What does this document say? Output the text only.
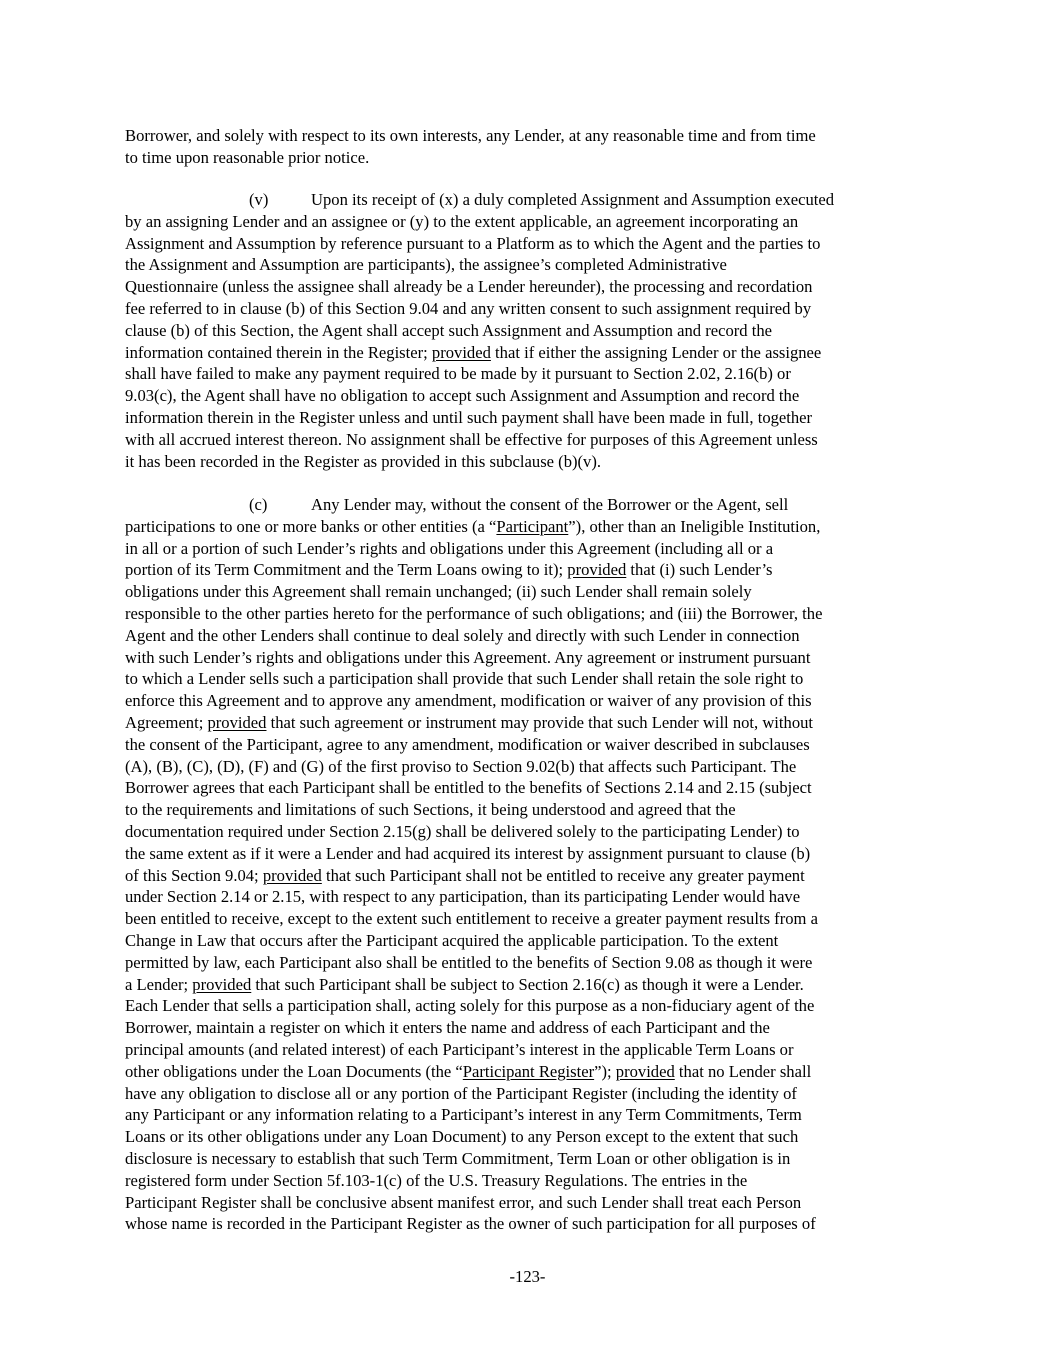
Borrower, and solely with respect to its own interests, any Lender, at any reasonable time and from time
to time upon reasonable prior notice.
(v)	Upon its receipt of (x) a duly completed Assignment and Assumption executed
by an assigning Lender and an assignee or (y) to the extent applicable, an agreement incorporating an
Assignment and Assumption by reference pursuant to a Platform as to which the Agent and the parties to
the Assignment and Assumption are participants), the assignee’s completed Administrative
Questionnaire (unless the assignee shall already be a Lender hereunder), the processing and recordation
fee referred to in clause (b) of this Section 9.04 and any written consent to such assignment required by
clause (b) of this Section, the Agent shall accept such Assignment and Assumption and record the
information contained therein in the Register; provided that if either the assigning Lender or the assignee
shall have failed to make any payment required to be made by it pursuant to Section 2.02, 2.16(b) or
9.03(c), the Agent shall have no obligation to accept such Assignment and Assumption and record the
information therein in the Register unless and until such payment shall have been made in full, together
with all accrued interest thereon. No assignment shall be effective for purposes of this Agreement unless
it has been recorded in the Register as provided in this subclause (b)(v).
(c)	Any Lender may, without the consent of the Borrower or the Agent, sell
participations to one or more banks or other entities (a “Participant”), other than an Ineligible Institution,
in all or a portion of such Lender’s rights and obligations under this Agreement (including all or a
portion of its Term Commitment and the Term Loans owing to it); provided that (i) such Lender’s
obligations under this Agreement shall remain unchanged; (ii) such Lender shall remain solely
responsible to the other parties hereto for the performance of such obligations; and (iii) the Borrower, the
Agent and the other Lenders shall continue to deal solely and directly with such Lender in connection
with such Lender’s rights and obligations under this Agreement. Any agreement or instrument pursuant
to which a Lender sells such a participation shall provide that such Lender shall retain the sole right to
enforce this Agreement and to approve any amendment, modification or waiver of any provision of this
Agreement; provided that such agreement or instrument may provide that such Lender will not, without
the consent of the Participant, agree to any amendment, modification or waiver described in subclauses
(A), (B), (C), (D), (F) and (G) of the first proviso to Section 9.02(b) that affects such Participant. The
Borrower agrees that each Participant shall be entitled to the benefits of Sections 2.14 and 2.15 (subject
to the requirements and limitations of such Sections, it being understood and agreed that the
documentation required under Section 2.15(g) shall be delivered solely to the participating Lender) to
the same extent as if it were a Lender and had acquired its interest by assignment pursuant to clause (b)
of this Section 9.04; provided that such Participant shall not be entitled to receive any greater payment
under Section 2.14 or 2.15, with respect to any participation, than its participating Lender would have
been entitled to receive, except to the extent such entitlement to receive a greater payment results from a
Change in Law that occurs after the Participant acquired the applicable participation. To the extent
permitted by law, each Participant also shall be entitled to the benefits of Section 9.08 as though it were
a Lender; provided that such Participant shall be subject to Section 2.16(c) as though it were a Lender.
Each Lender that sells a participation shall, acting solely for this purpose as a non-fiduciary agent of the
Borrower, maintain a register on which it enters the name and address of each Participant and the
principal amounts (and related interest) of each Participant’s interest in the applicable Term Loans or
other obligations under the Loan Documents (the “Participant Register”); provided that no Lender shall
have any obligation to disclose all or any portion of the Participant Register (including the identity of
any Participant or any information relating to a Participant’s interest in any Term Commitments, Term
Loans or its other obligations under any Loan Document) to any Person except to the extent that such
disclosure is necessary to establish that such Term Commitment, Term Loan or other obligation is in
registered form under Section 5f.103-1(c) of the U.S. Treasury Regulations. The entries in the
Participant Register shall be conclusive absent manifest error, and such Lender shall treat each Person
whose name is recorded in the Participant Register as the owner of such participation for all purposes of
-123-
